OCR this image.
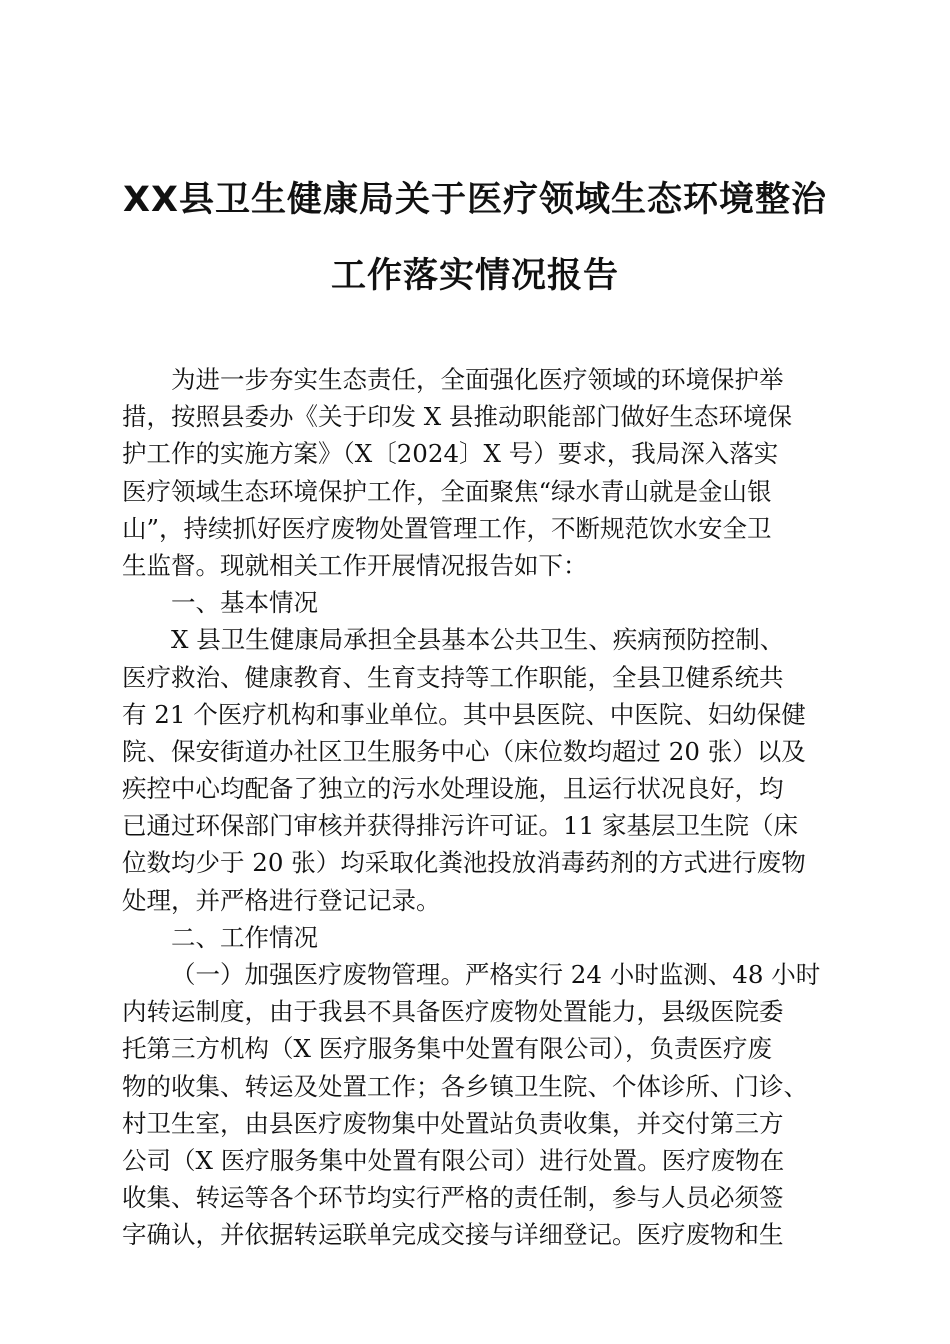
XX县卫生健康局关于医疗领域生态环境整治
工作落实情况报告
为进一步夯实生态责任，全面强化医疗领域的环境保护举
措，按照县委办《关于印发 X 县推动职能部门做好生态环境保
护工作的实施方案》（X〔2024〕X 号）要求，我局深入落实
医疗领域生态环境保护工作，全面聚焦“绿水青山就是金山银
山”，持续抓好医疗废物处置管理工作，不断规范饮水安全卫
生监督。现就相关工作开展情况报告如下：
一、基本情况
X 县卫生健康局承担全县基本公共卫生、疾病预防控制、
医疗救治、健康教育、生育支持等工作职能，全县卫健系统共
有 21 个医疗机构和事业单位。其中县医院、中医院、妇幼保健
院、保安街道办社区卫生服务中心（床位数均超过 20 张）以及
疾控中心均配备了独立的污水处理设施，且运行状况良好，均
已通过环保部门审核并获得排污许可证。11 家基层卫生院（床
位数均少于 20 张）均采取化粪池投放消毒药剂的方式进行废物
处理，并严格进行登记记录。
二、工作情况
（一）加强医疗废物管理。严格实行 24 小时监测、48 小时
内转运制度，由于我县不具备医疗废物处置能力，县级医院委
托第三方机构（X 医疗服务集中处置有限公司），负责医疗废
物的收集、转运及处置工作；各乡镇卫生院、个体诊所、门诊、
村卫生室，由县医疗废物集中处置站负责收集，并交付第三方
公司（X 医疗服务集中处置有限公司）进行处置。医疗废物在
收集、转运等各个环节均实行严格的责任制，参与人员必须签
字确认，并依据转运联单完成交接与详细登记。医疗废物和生
